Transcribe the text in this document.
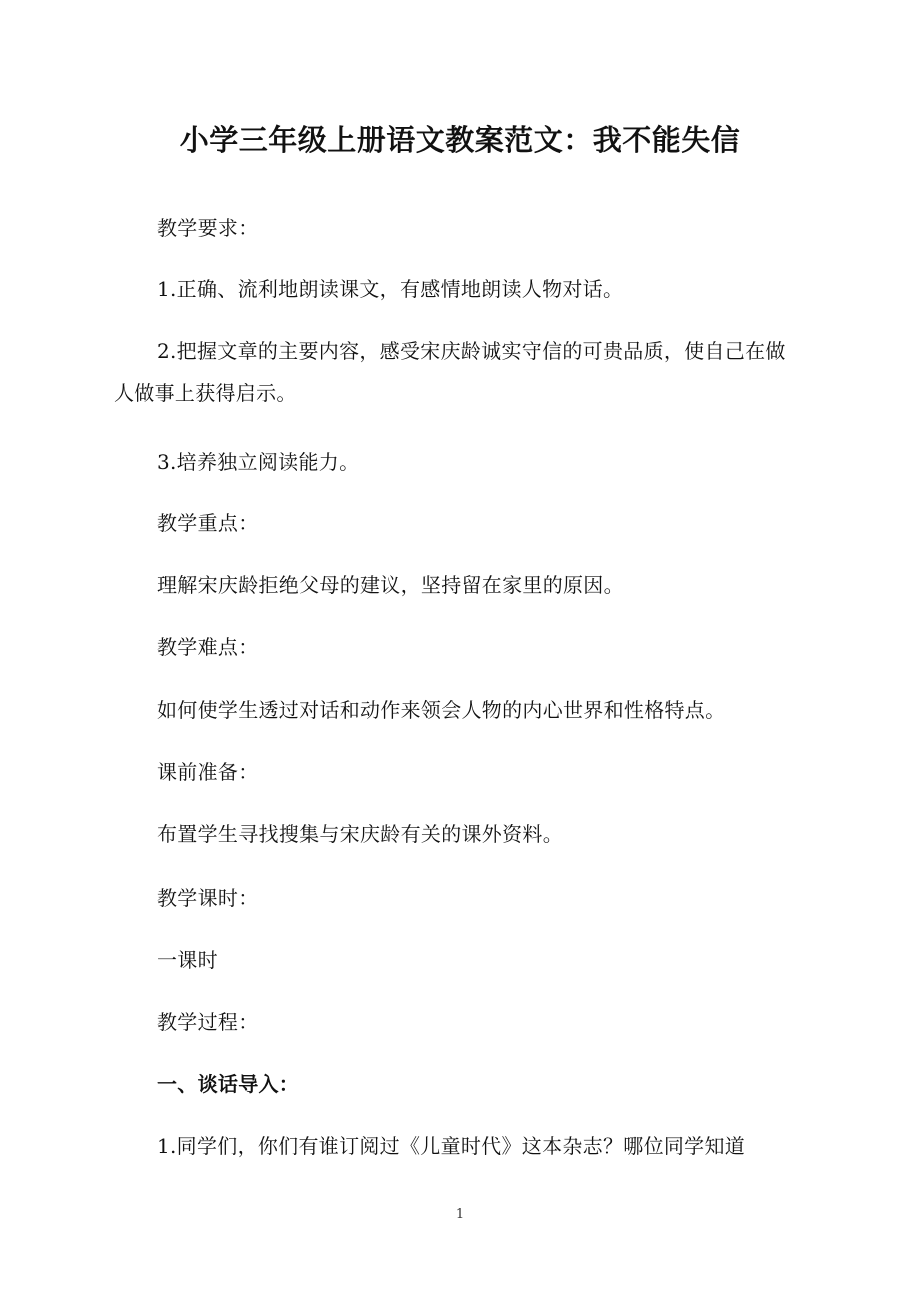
小学三年级上册语文教案范文：我不能失信

教学要求：

1.正确、流利地朗读课文，有感情地朗读人物对话。

2.把握文章的主要内容，感受宋庆龄诚实守信的可贵品质，使自己在做人做事上获得启示。

3.培养独立阅读能力。

教学重点：

理解宋庆龄拒绝父母的建议，坚持留在家里的原因。

教学难点：

如何使学生透过对话和动作来领会人物的内心世界和性格特点。

课前准备：

布置学生寻找搜集与宋庆龄有关的课外资料。

教学课时：

一课时

教学过程：

一、谈话导入：

1.同学们，你们有谁订阅过《儿童时代》这本杂志？哪位同学知道

1
